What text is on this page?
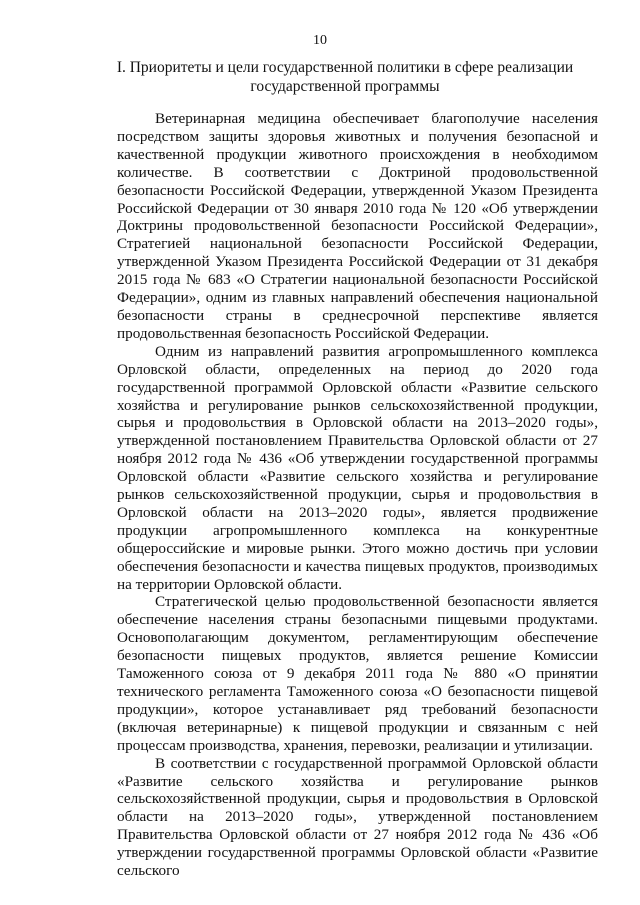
10
I. Приоритеты и цели государственной политики в сфере реализации государственной программы

Ветеринарная медицина обеспечивает благополучие населения посредством защиты здоровья животных и получения безопасной и качественной продукции животного происхождения в необходимом количестве. В соответствии с Доктриной продовольственной безопасности Российской Федерации, утвержденной Указом Президента Российской Федерации от 30 января 2010 года № 120 «Об утверждении Доктрины продовольственной безопасности Российской Федерации», Стратегией национальной безопасности Российской Федерации, утвержденной Указом Президента Российской Федерации от 31 декабря 2015 года № 683 «О Стратегии национальной безопасности Российской Федерации», одним из главных направлений обеспечения национальной безопасности страны в среднесрочной перспективе является продовольственная безопасность Российской Федерации.

Одним из направлений развития агропромышленного комплекса Орловской области, определенных на период до 2020 года государственной программой Орловской области «Развитие сельского хозяйства и регулирование рынков сельскохозяйственной продукции, сырья и продовольствия в Орловской области на 2013–2020 годы», утвержденной постановлением Правительства Орловской области от 27 ноября 2012 года № 436 «Об утверждении государственной программы Орловской области «Развитие сельского хозяйства и регулирование рынков сельскохозяйственной продукции, сырья и продовольствия в Орловской области на 2013–2020 годы», является продвижение продукции агропромышленного комплекса на конкурентные общероссийские и мировые рынки. Этого можно достичь при условии обеспечения безопасности и качества пищевых продуктов, производимых на территории Орловской области.

Стратегической целью продовольственной безопасности является обеспечение населения страны безопасными пищевыми продуктами. Основополагающим документом, регламентирующим обеспечение безопасности пищевых продуктов, является решение Комиссии Таможенного союза от 9 декабря 2011 года № 880 «О принятии технического регламента Таможенного союза «О безопасности пищевой продукции», которое устанавливает ряд требований безопасности (включая ветеринарные) к пищевой продукции и связанным с ней процессам производства, хранения, перевозки, реализации и утилизации.

В соответствии с государственной программой Орловской области «Развитие сельского хозяйства и регулирование рынков сельскохозяйственной продукции, сырья и продовольствия в Орловской области на 2013–2020 годы», утвержденной постановлением Правительства Орловской области от 27 ноября 2012 года № 436 «Об утверждении государственной программы Орловской области «Развитие сельского
